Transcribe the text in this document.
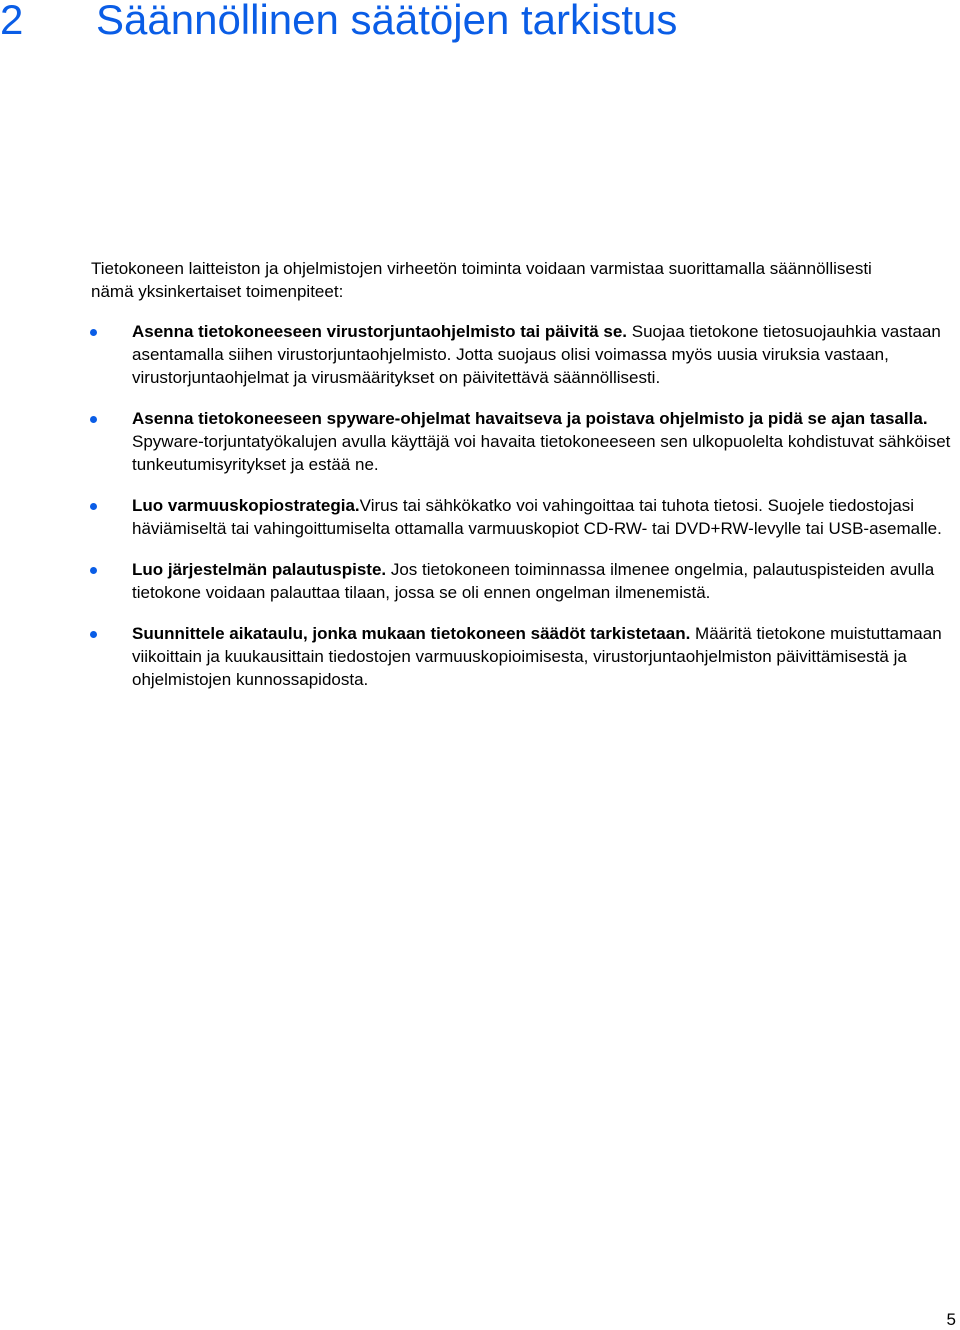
2 Säännöllinen säätöjen tarkistus

Tietokoneen laitteiston ja ohjelmistojen virheetön toiminta voidaan varmistaa suorittamalla säännöllisesti nämä yksinkertaiset toimenpiteet:

Asenna tietokoneeseen virustorjuntaohjelmisto tai päivitä se. Suojaa tietokone tietosuojauhkia vastaan asentamalla siihen virustorjuntaohjelmisto. Jotta suojaus olisi voimassa myös uusia viruksia vastaan, virustorjuntaohjelmat ja virusmääritykset on päivitettävä säännöllisesti.
Asenna tietokoneeseen spyware-ohjelmat havaitseva ja poistava ohjelmisto ja pidä se ajan tasalla. Spyware-torjuntatyökalujen avulla käyttäjä voi havaita tietokoneeseen sen ulkopuolelta kohdistuvat sähköiset tunkeutumisyritykset ja estää ne.
Luo varmuuskopiostrategia.Virus tai sähkökatko voi vahingoittaa tai tuhota tietosi. Suojele tiedostojasi häviämiseltä tai vahingoittumiselta ottamalla varmuuskopiot CD-RW- tai DVD+RW-levylle tai USB-asemalle.
Luo järjestelmän palautuspiste. Jos tietokoneen toiminnassa ilmenee ongelmia, palautuspisteiden avulla tietokone voidaan palauttaa tilaan, jossa se oli ennen ongelman ilmenemistä.
Suunnittele aikataulu, jonka mukaan tietokoneen säädöt tarkistetaan. Määritä tietokone muistuttamaan viikoittain ja kuukausittain tiedostojen varmuuskopioimisesta, virustorjuntaohjelmiston päivittämisestä ja ohjelmistojen kunnossapidosta.
5
